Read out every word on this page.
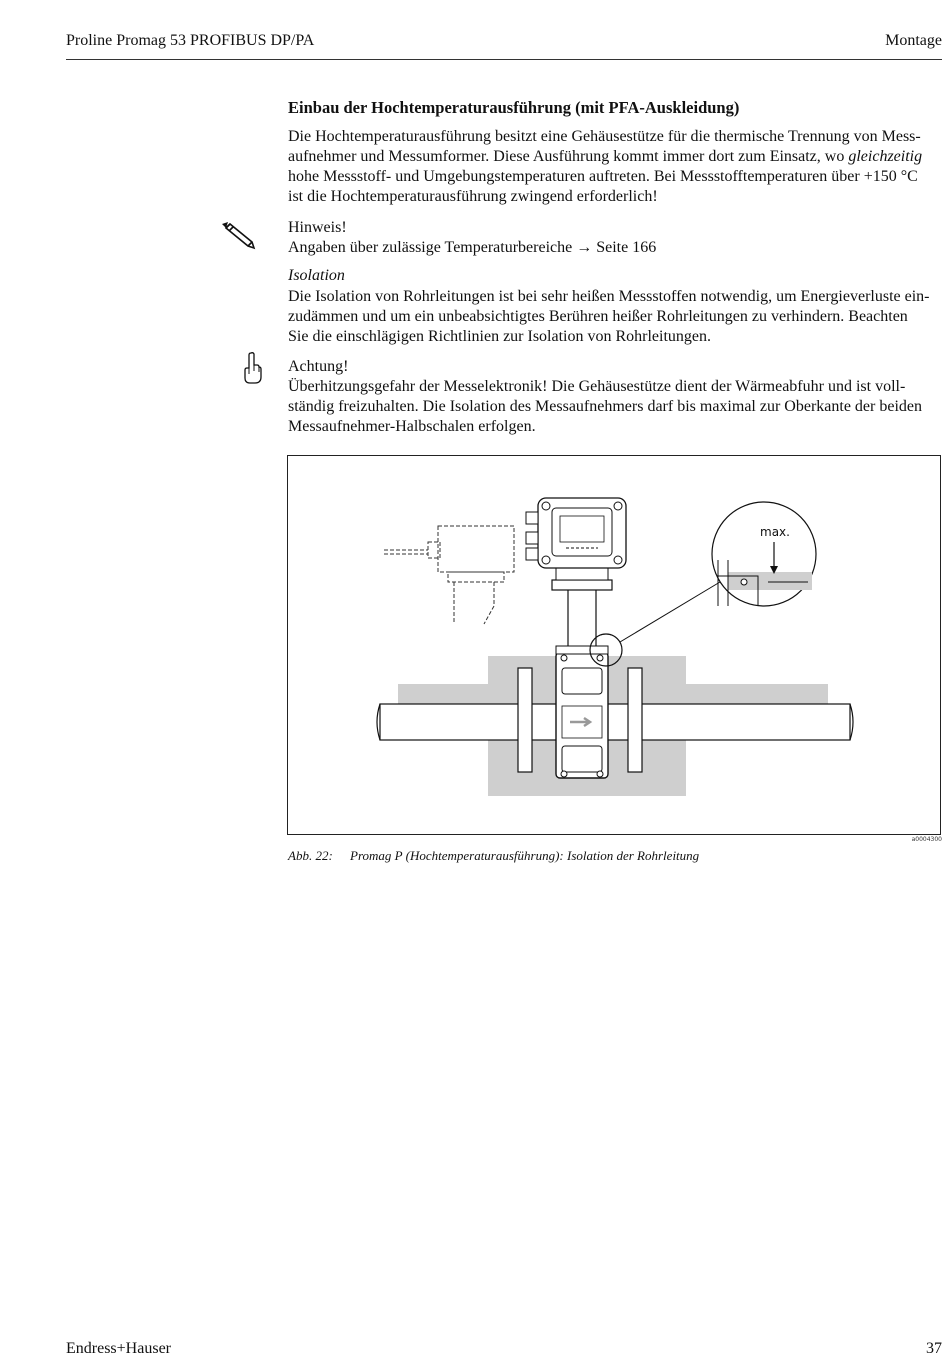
Proline Promag 53 PROFIBUS DP/PA	Montage
Einbau der Hochtemperaturausführung (mit PFA-Auskleidung)
Die Hochtemperaturausführung besitzt eine Gehäusestütze für die thermische Trennung von Mess-
aufnehmer und Messumformer. Diese Ausführung kommt immer dort zum Einsatz, wo gleichzeitig
hohe Messstoff- und Umgebungstemperaturen auftreten. Bei Messstofftemperaturen über +150 °C
ist die Hochtemperaturausführung zwingend erforderlich!
Hinweis!
Angaben über zulässige Temperaturbereiche → Seite 166
Isolation
Die Isolation von Rohrleitungen ist bei sehr heißen Messstoffen notwendig, um Energieverluste ein-
zudämmen und um ein unbeabsichtigtes Berühren heißer Rohrleitungen zu verhindern. Beachten
Sie die einschlägigen Richtlinien zur Isolation von Rohrleitungen.
Achtung!
Überhitzungsgefahr der Messelektronik! Die Gehäusestütze dient der Wärmeabfuhr und ist voll-
ständig freizuhalten. Die Isolation des Messaufnehmers darf bis maximal zur Oberkante der beiden
Messaufnehmer-Halbschalen erfolgen.
max.
a0004300
Abb. 22: Promag P (Hochtemperaturausführung): Isolation der Rohrleitung
Endress+Hauser	37
